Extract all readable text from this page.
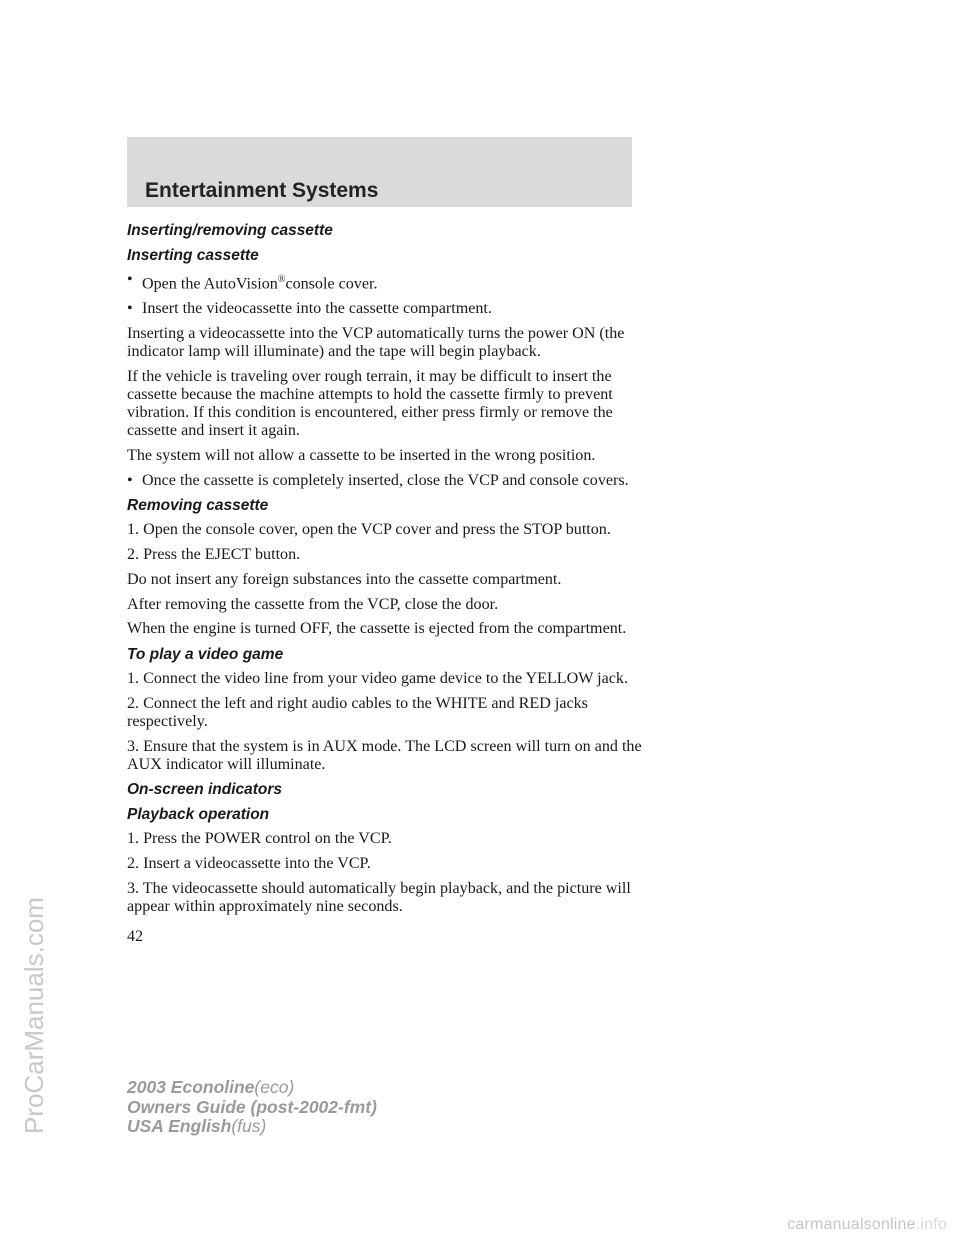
Entertainment Systems
Inserting/removing cassette
Inserting cassette
• Open the AutoVision®console cover.
• Insert the videocassette into the cassette compartment.

Inserting a videocassette into the VCP automatically turns the power ON (the indicator lamp will illuminate) and the tape will begin playback.

If the vehicle is traveling over rough terrain, it may be difficult to insert the cassette because the machine attempts to hold the cassette firmly to prevent vibration. If this condition is encountered, either press firmly or remove the cassette and insert it again.

The system will not allow a cassette to be inserted in the wrong position.

• Once the cassette is completely inserted, close the VCP and console covers.
Removing cassette

1. Open the console cover, open the VCP cover and press the STOP button.

2. Press the EJECT button.

Do not insert any foreign substances into the cassette compartment.

After removing the cassette from the VCP, close the door.

When the engine is turned OFF, the cassette is ejected from the compartment.

To play a video game

1. Connect the video line from your video game device to the YELLOW jack.

2. Connect the left and right audio cables to the WHITE and RED jacks respectively.

3. Ensure that the system is in AUX mode. The LCD screen will turn on and the AUX indicator will illuminate.

On-screen indicators
Playback operation

1. Press the POWER control on the VCP.

2. Insert a videocassette into the VCP.

3. The videocassette should automatically begin playback, and the picture will appear within approximately nine seconds.

42

2003 Econoline(eco)
Owners Guide (post-2002-fmt)
USA English(fus)
ProCarManuals.com
carmanualsonline.info
